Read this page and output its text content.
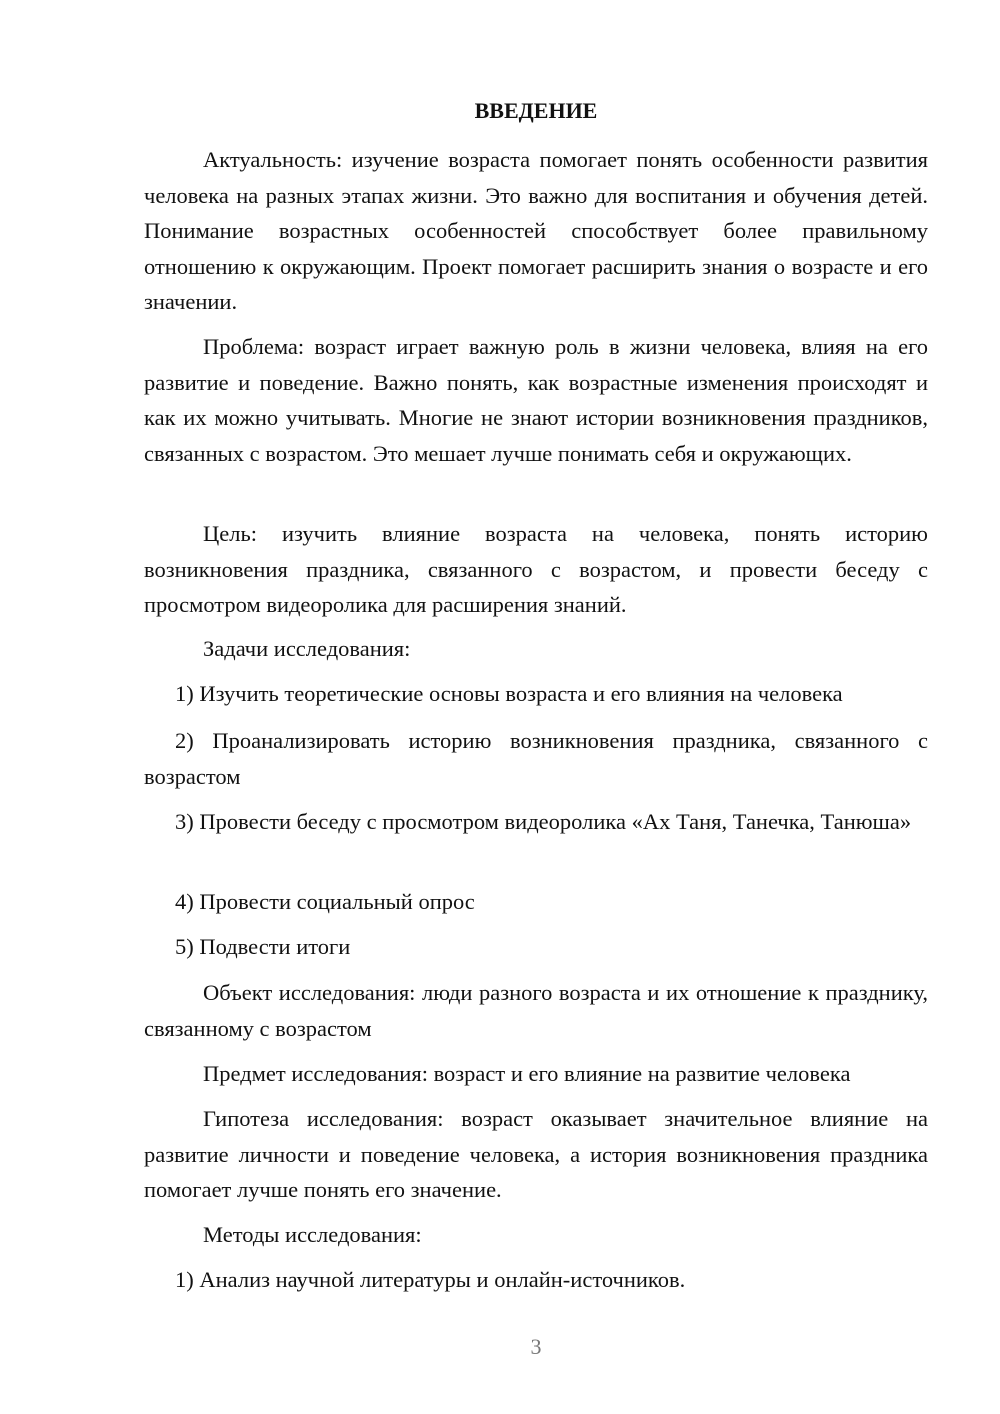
ВВЕДЕНИЕ

Актуальность: изучение возраста помогает понять особенности развития человека на разных этапах жизни. Это важно для воспитания и обучения детей. Понимание возрастных особенностей способствует более правильному отношению к окружающим. Проект помогает расширить знания о возрасте и его значении.

Проблема: возраст играет важную роль в жизни человека, влияя на его развитие и поведение. Важно понять, как возрастные изменения происходят и как их можно учитывать. Многие не знают истории возникновения праздников, связанных с возрастом. Это мешает лучше понимать себя и окружающих.

Цель: изучить влияние возраста на человека, понять историю возникновения праздника, связанного с возрастом, и провести беседу с просмотром видеоролика для расширения знаний.

Задачи исследования:

1) Изучить теоретические основы возраста и его влияния на человека

2) Проанализировать историю возникновения праздника, связанного с возрастом

3) Провести беседу с просмотром видеоролика «Ах Таня, Танечка, Танюша»

4) Провести социальный опрос

5) Подвести итоги

Объект исследования: люди разного возраста и их отношение к празднику, связанному с возрастом

Предмет исследования: возраст и его влияние на развитие человека

Гипотеза исследования: возраст оказывает значительное влияние на развитие личности и поведение человека, а история возникновения праздника помогает лучше понять его значение.

Методы исследования:

1) Анализ научной литературы и онлайн-источников.

3
